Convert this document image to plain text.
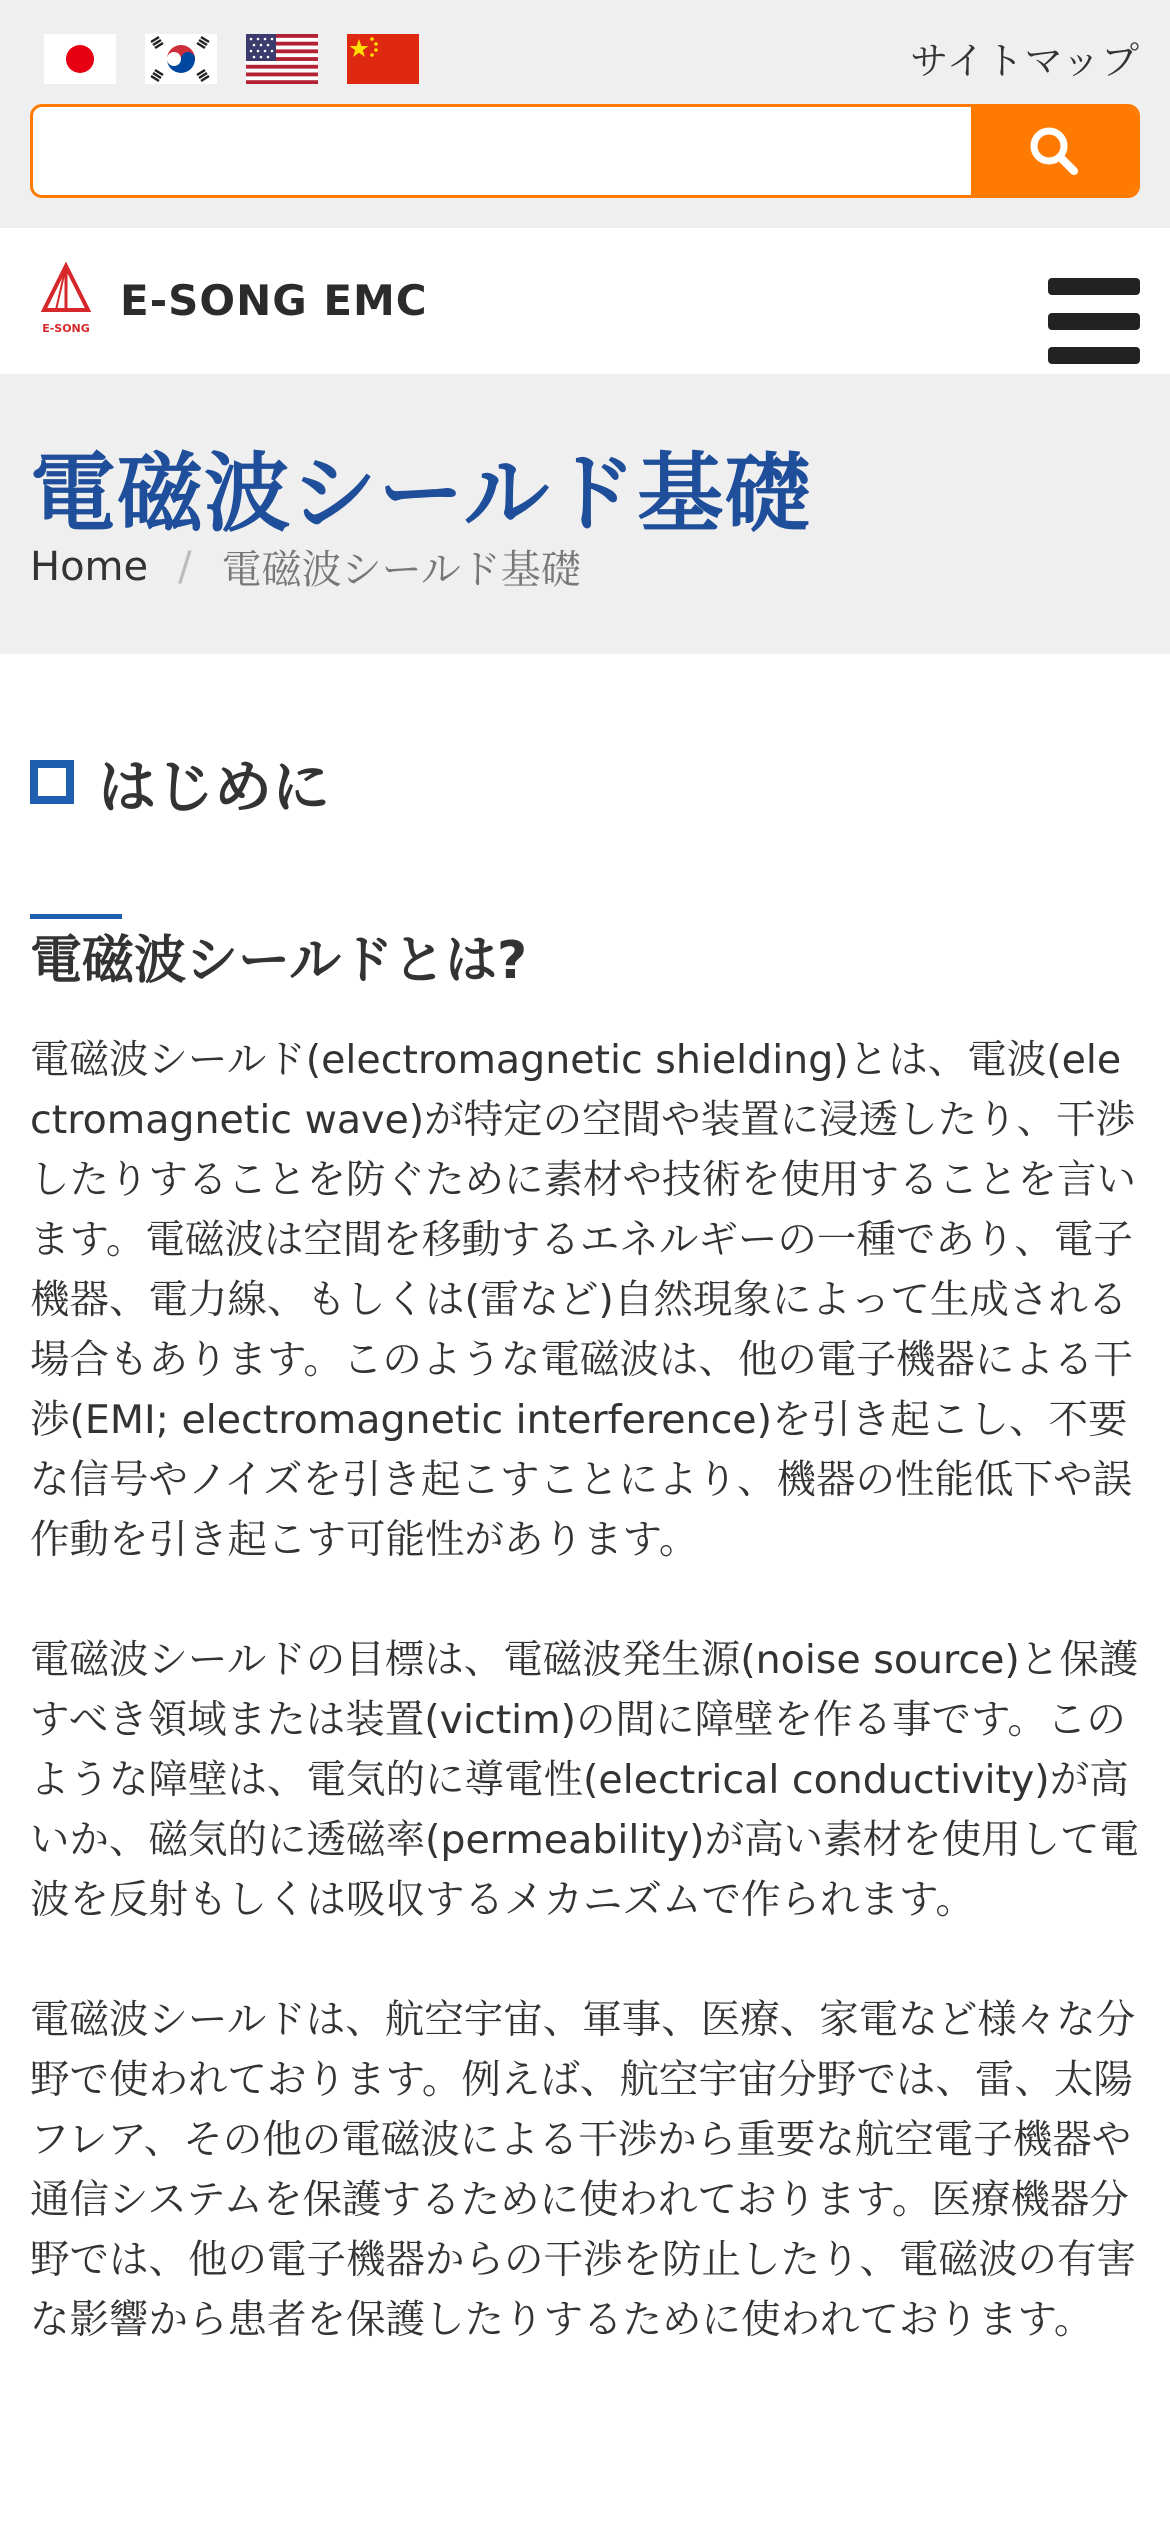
サイトマップ
E-SONG
E-SONG EMC
電磁波シールド基礎
Home / 電磁波シールド基礎
はじめに
電磁波シールドとは?

電磁波シールド(electromagnetic shielding)とは、電波(electromagnetic wave)が特定の空間や装置に浸透したり、干渉したりすることを防ぐために素材や技術を使用することを言います。電磁波は空間を移動するエネルギーの一種であり、電子機器、電力線、もしくは(雷など)自然現象によって生成される場合もあります。このような電磁波は、他の電子機器による干渉(EMI; electromagnetic interference)を引き起こし、不要な信号やノイズを引き起こすことにより、機器の性能低下や誤作動を引き起こす可能性があります。

電磁波シールドの目標は、電磁波発生源(noise source)と保護すべき領域または装置(victim)の間に障壁を作る事です。このような障壁は、電気的に導電性(electrical conductivity)が高いか、磁気的に透磁率(permeability)が高い素材を使用して電波を反射もしくは吸収するメカニズムで作られます。

電磁波シールドは、航空宇宙、軍事、医療、家電など様々な分野で使われております。例えば、航空宇宙分野では、雷、太陽フレア、その他の電磁波による干渉から重要な航空電子機器や通信システムを保護するために使われております。医療機器分野では、他の電子機器からの干渉を防止したり、電磁波の有害な影響から患者を保護したりするために使われております。
